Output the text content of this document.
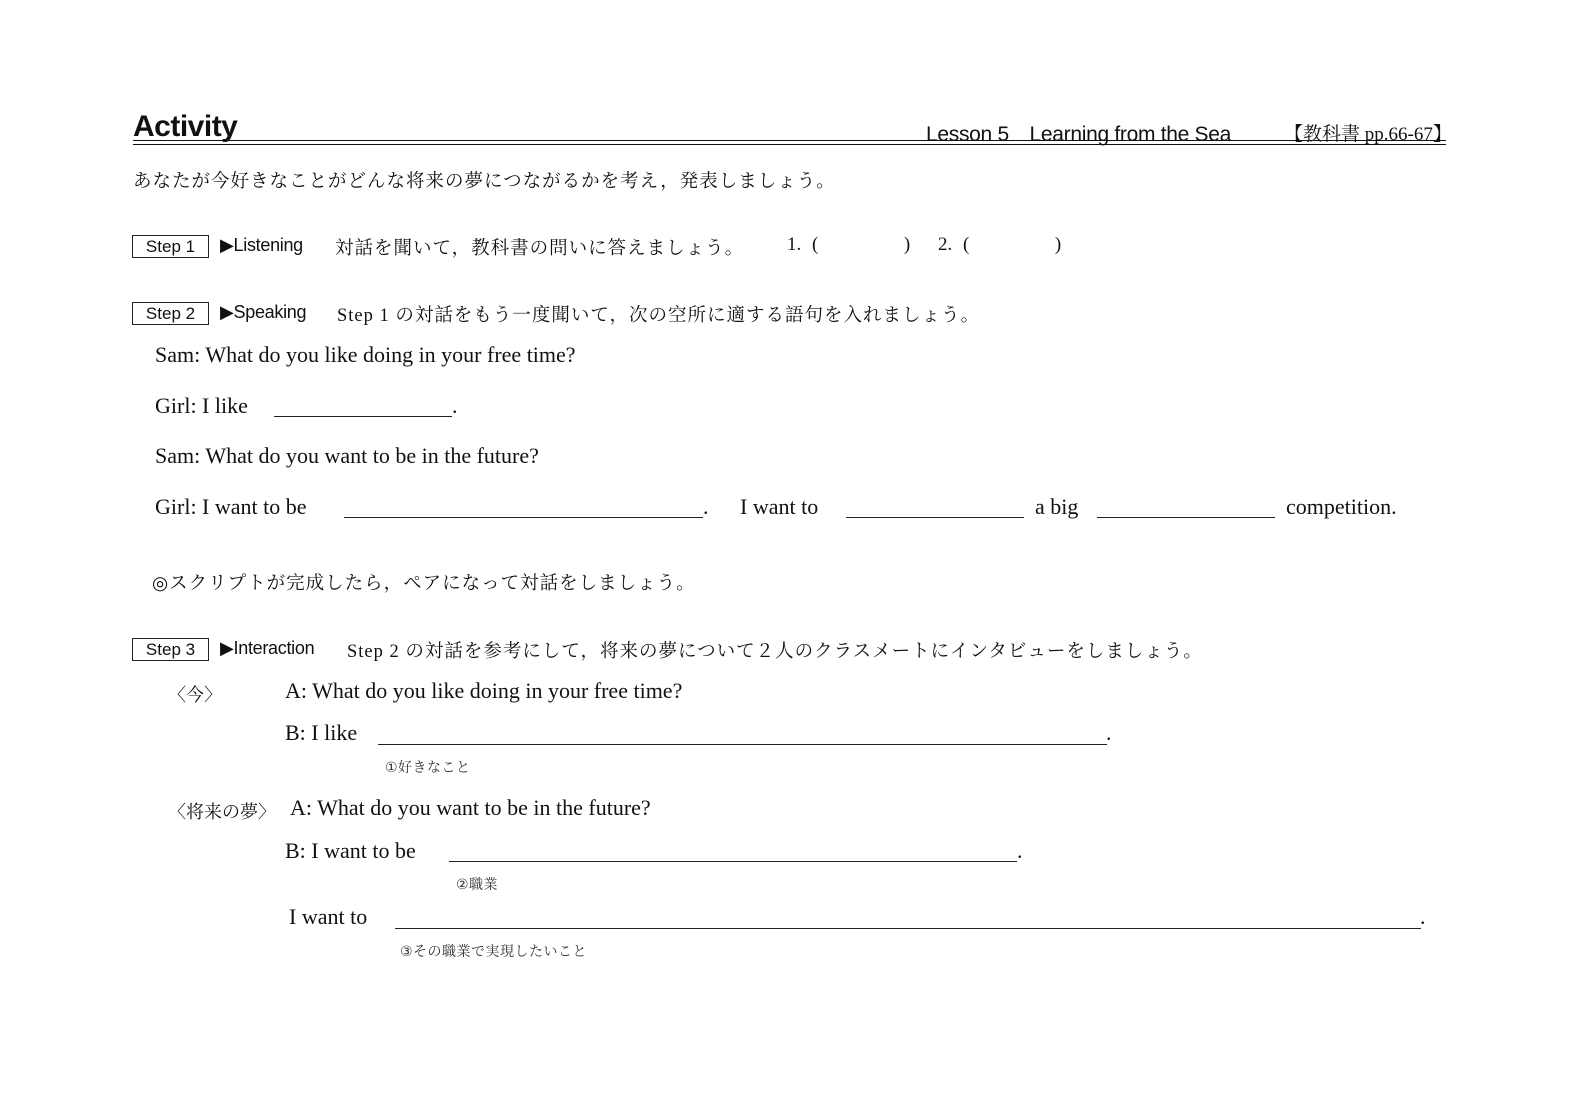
Activity	Lesson 5　Learning from the Sea	【教科書 pp.66-67】
あなたが今好きなことがどんな将来の夢につながるかを考え，発表しましょう。
Step 1	▶Listening 対話を聞いて，教科書の問いに答えましょう。 1. (	) 2. (	)
Step 2	▶Speaking Step 1 の対話をもう一度聞いて，次の空所に適する語句を入れましょう。
Sam: What do you like doing in your free time?
Girl: I like	.
Sam: What do you want to be in the future?
Girl: I want to be	. I want to	a big	competition.
◎スクリプトが完成したら，ペアになって対話をしましょう。
Step 3	▶Interaction Step 2 の対話を参考にして，将来の夢について２人のクラスメートにインタビューをしましょう。
〈今〉	A: What do you like doing in your free time?
B: I like	.
①好きなこと
〈将来の夢〉 A: What do you want to be in the future?
B: I want to be	.
②職業
I want to	.
③その職業で実現したいこと
